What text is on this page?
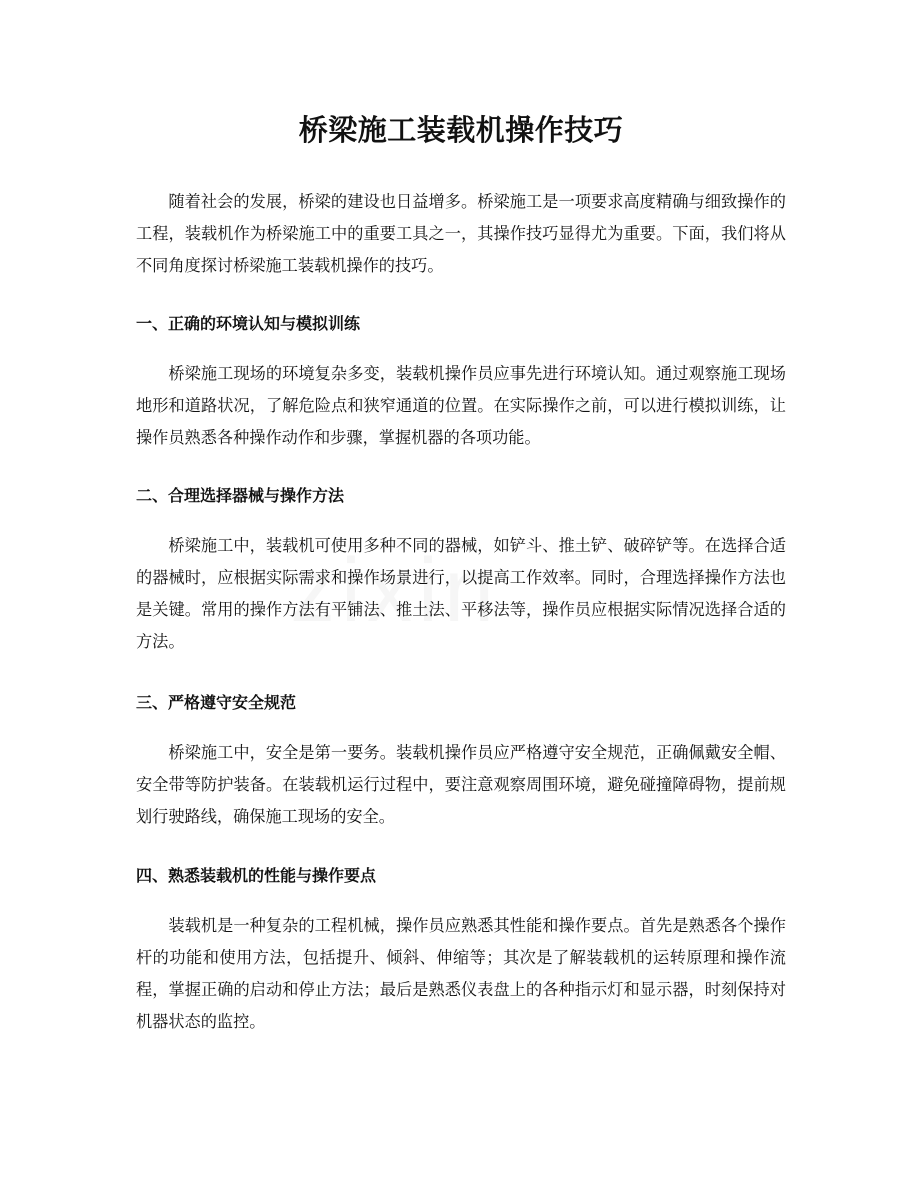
桥梁施工装载机操作技巧

随着社会的发展，桥梁的建设也日益增多。桥梁施工是一项要求高度精确与细致操作的工程，装载机作为桥梁施工中的重要工具之一，其操作技巧显得尤为重要。下面，我们将从不同角度探讨桥梁施工装载机操作的技巧。

一、正确的环境认知与模拟训练

桥梁施工现场的环境复杂多变，装载机操作员应事先进行环境认知。通过观察施工现场地形和道路状况，了解危险点和狭窄通道的位置。在实际操作之前，可以进行模拟训练，让操作员熟悉各种操作动作和步骤，掌握机器的各项功能。

二、合理选择器械与操作方法

桥梁施工中，装载机可使用多种不同的器械，如铲斗、推土铲、破碎铲等。在选择合适的器械时，应根据实际需求和操作场景进行，以提高工作效率。同时，合理选择操作方法也是关键。常用的操作方法有平铺法、推土法、平移法等，操作员应根据实际情况选择合适的方法。

三、严格遵守安全规范

桥梁施工中，安全是第一要务。装载机操作员应严格遵守安全规范，正确佩戴安全帽、安全带等防护装备。在装载机运行过程中，要注意观察周围环境，避免碰撞障碍物，提前规划行驶路线，确保施工现场的安全。

四、熟悉装载机的性能与操作要点

装载机是一种复杂的工程机械，操作员应熟悉其性能和操作要点。首先是熟悉各个操作杆的功能和使用方法，包括提升、倾斜、伸缩等；其次是了解装载机的运转原理和操作流程，掌握正确的启动和停止方法；最后是熟悉仪表盘上的各种指示灯和显示器，时刻保持对机器状态的监控。
